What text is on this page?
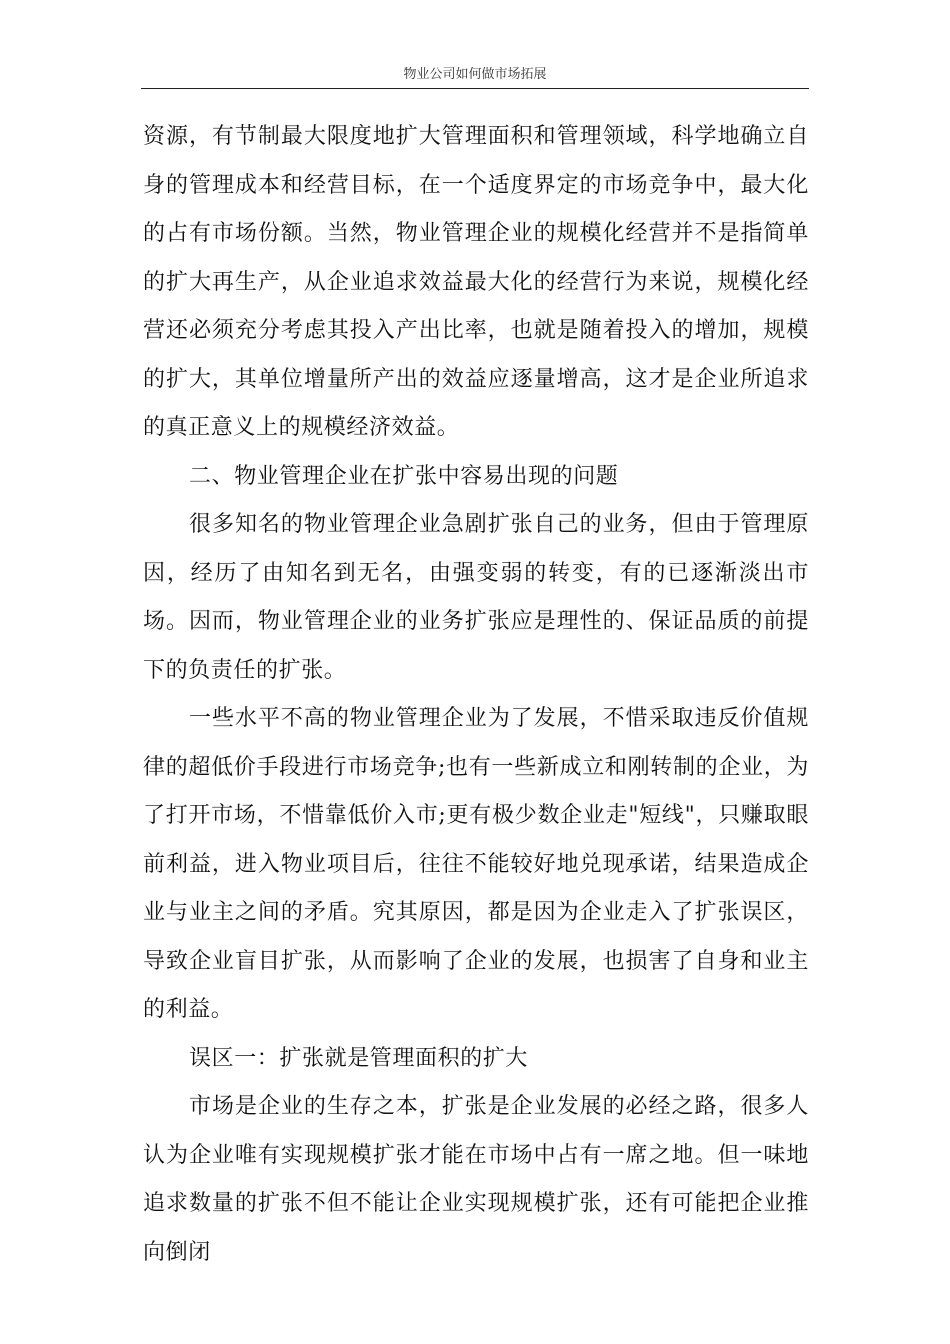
物业公司如何做市场拓展

资源，有节制最大限度地扩大管理面积和管理领域，科学地确立自身的管理成本和经营目标，在一个适度界定的市场竞争中，最大化的占有市场份额。当然，物业管理企业的规模化经营并不是指简单的扩大再生产，从企业追求效益最大化的经营行为来说，规模化经营还必须充分考虑其投入产出比率，也就是随着投入的增加，规模的扩大，其单位增量所产出的效益应逐量增高，这才是企业所追求的真正意义上的规模经济效益。

二、物业管理企业在扩张中容易出现的问题

很多知名的物业管理企业急剧扩张自己的业务，但由于管理原因，经历了由知名到无名，由强变弱的转变，有的已逐渐淡出市场。因而，物业管理企业的业务扩张应是理性的、保证品质的前提下的负责任的扩张。

一些水平不高的物业管理企业为了发展，不惜采取违反价值规律的超低价手段进行市场竞争;也有一些新成立和刚转制的企业，为了打开市场，不惜靠低价入市;更有极少数企业走"短线"，只赚取眼前利益，进入物业项目后，往往不能较好地兑现承诺，结果造成企业与业主之间的矛盾。究其原因，都是因为企业走入了扩张误区，导致企业盲目扩张，从而影响了企业的发展，也损害了自身和业主的利益。

误区一：扩张就是管理面积的扩大

市场是企业的生存之本，扩张是企业发展的必经之路，很多人认为企业唯有实现规模扩张才能在市场中占有一席之地。但一味地追求数量的扩张不但不能让企业实现规模扩张，还有可能把企业推向倒闭
